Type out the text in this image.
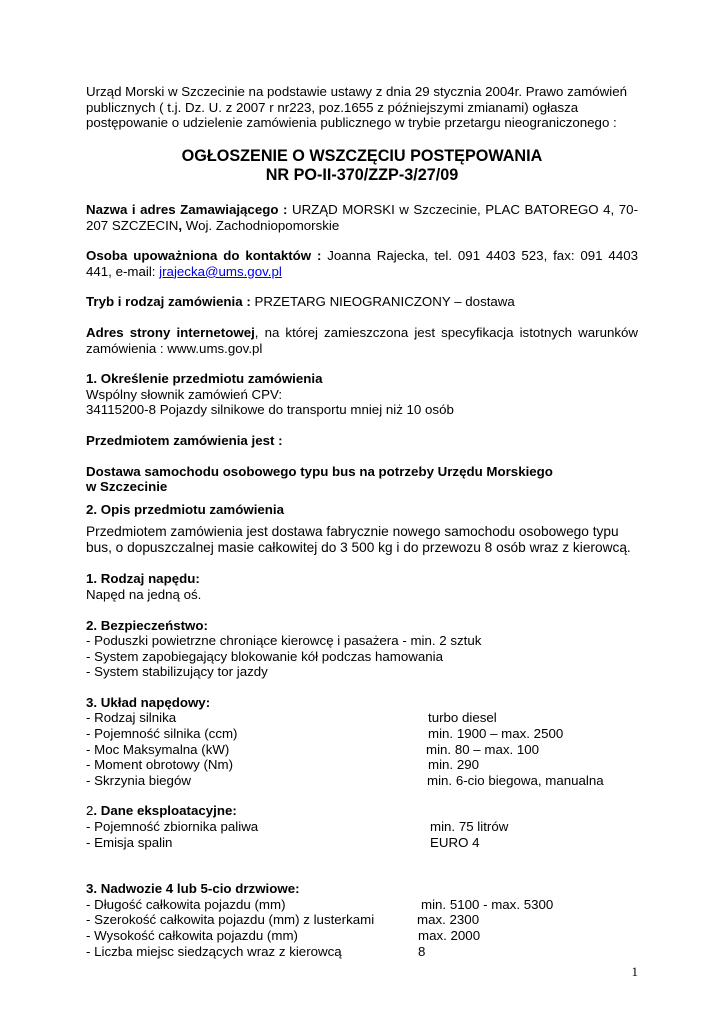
Urząd Morski w Szczecinie na podstawie ustawy z dnia 29 stycznia 2004r. Prawo zamówień publicznych ( t.j. Dz. U. z 2007 r nr223, poz.1655 z późniejszymi zmianami) ogłasza postępowanie o udzielenie zamówienia publicznego w trybie przetargu nieograniczonego :

OGŁOSZENIE O WSZCZĘCIU POSTĘPOWANIA

NR PO-II-370/ZZP-3/27/09

Nazwa i adres Zamawiającego : URZĄD MORSKI w Szczecinie, PLAC BATOREGO 4, 70-207 SZCZECIN, Woj. Zachodniopomorskie

Osoba upoważniona do kontaktów : Joanna Rajecka, tel. 091 4403 523, fax: 091 4403 441, e-mail: jrajecka@ums.gov.pl

Tryb i rodzaj zamówienia : PRZETARG NIEOGRANICZONY – dostawa

Adres strony internetowej, na której zamieszczona jest specyfikacja istotnych warunków zamówienia : www.ums.gov.pl

1. Określenie przedmiotu zamówienia

Wspólny słownik zamówień CPV:

34115200-8 Pojazdy silnikowe do transportu mniej niż 10 osób

Przedmiotem zamówienia jest :

Dostawa samochodu osobowego typu bus na potrzeby Urzędu Morskiego

w Szczecinie

2. Opis przedmiotu zamówienia

Przedmiotem zamówienia jest dostawa fabrycznie nowego samochodu osobowego typu bus, o dopuszczalnej masie całkowitej do 3 500 kg i do przewozu 8 osób wraz z kierowcą.

1. Rodzaj napędu:

Napęd na jedną oś.

2. Bezpieczeństwo:

- Poduszki powietrzne chroniące kierowcę i pasażera - min. 2 sztuk

- System zapobiegający blokowanie kół podczas hamowania

- System stabilizujący tor jazdy

3. Układ napędowy:

- Rodzaj silnika	turbo diesel
- Pojemność silnika (ccm)	min. 1900 – max. 2500
- Moc Maksymalna (kW)	min. 80 – max. 100
- Moment obrotowy (Nm)	min. 290
- Skrzynia biegów	min. 6-cio biegowa, manualna

2. Dane eksploatacyjne:

- Pojemność zbiornika paliwa	min. 75 litrów
- Emisja spalin	EURO 4

3. Nadwozie 4 lub 5-cio drzwiowe:

- Długość całkowita pojazdu (mm)	min. 5100 - max. 5300
- Szerokość całkowita pojazdu (mm) z lusterkami	max. 2300
- Wysokość całkowita pojazdu (mm)	max. 2000
- Liczba miejsc siedzących wraz z kierowcą	8
1
